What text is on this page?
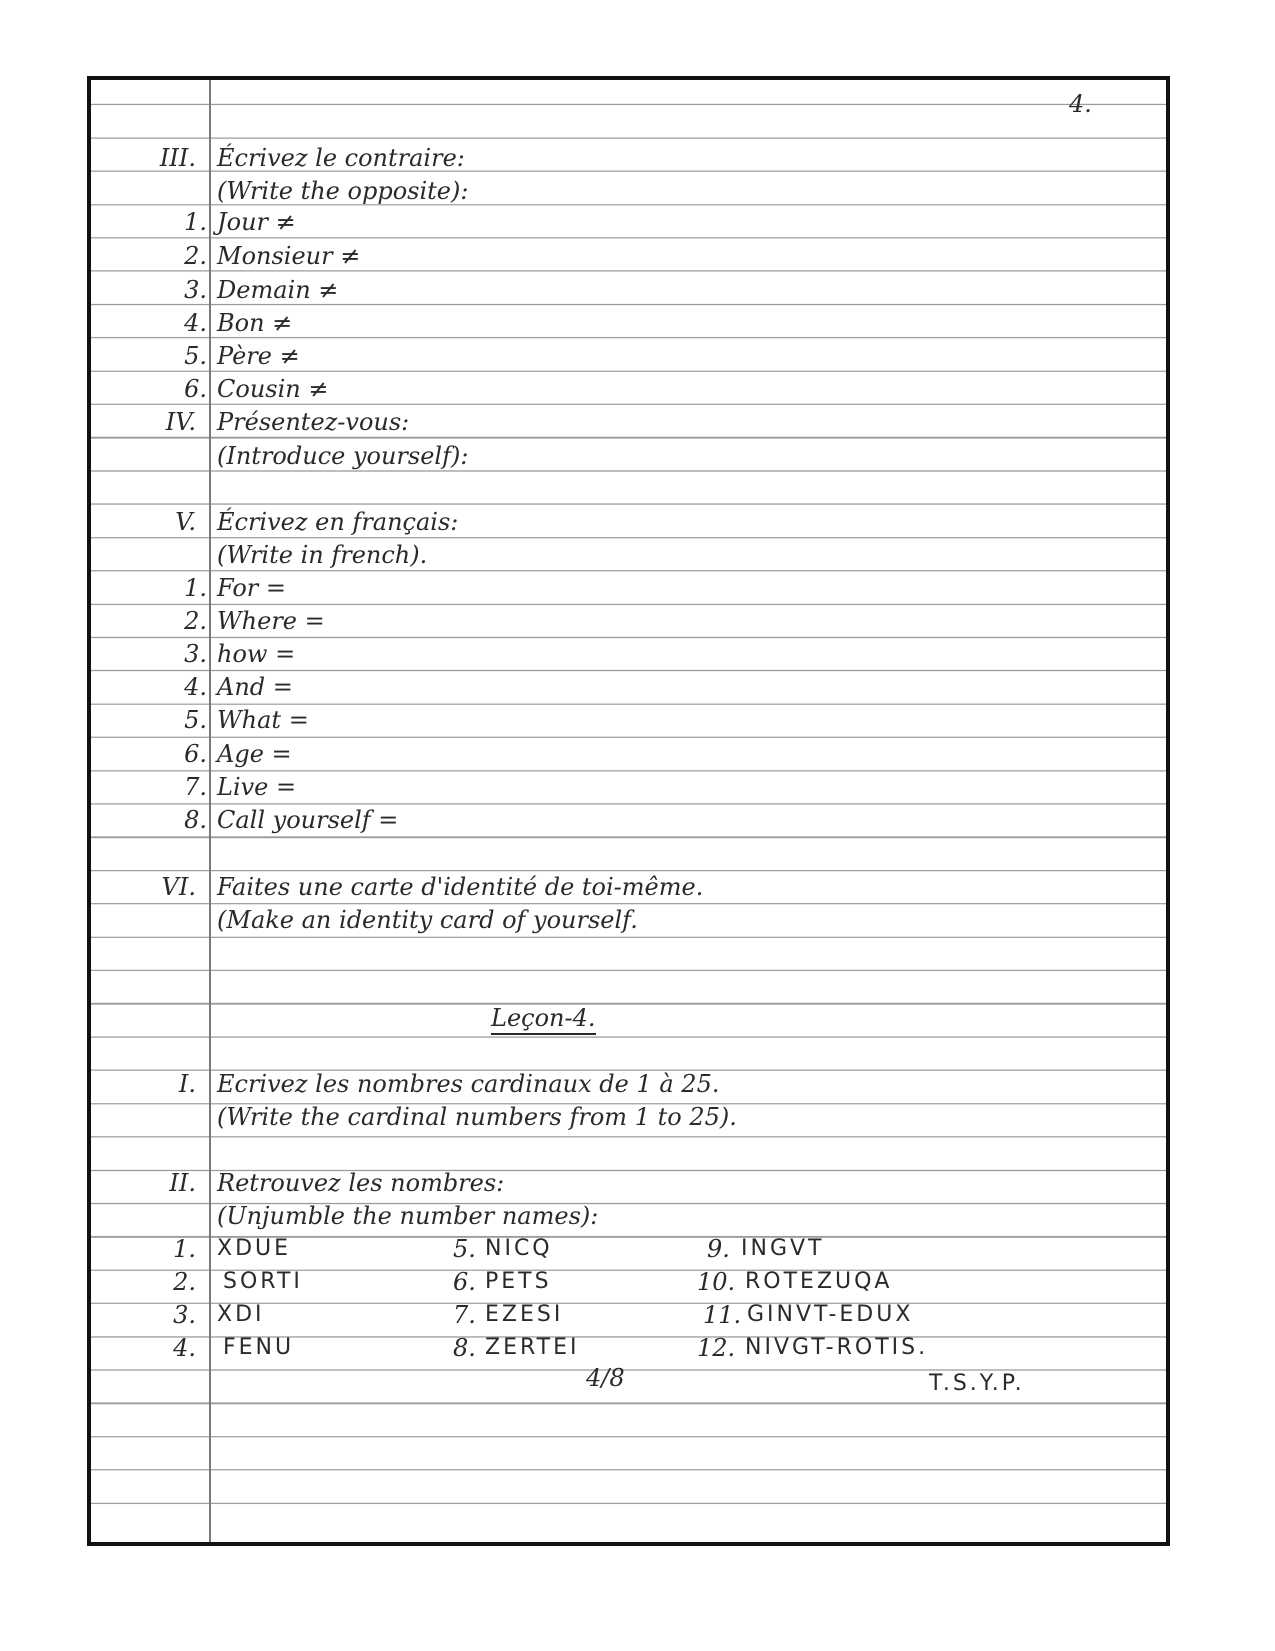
4.
III. Écrivez le contraire:
(Write the opposite):
1. Jour ≠
2. Monsieur ≠
3. Demain ≠
4. Bon ≠
5. Père ≠
6. Cousin ≠
IV. Présentez-vous:
(Introduce yourself):
V. Écrivez en français:
(Write in french).
1. For =
2. Where =
3. how =
4. And =
5. What =
6. Age =
7. Live =
8. Call yourself =
VI. Faites une carte d'identité de toi-même.
(Make an identity card of yourself.
Leçon-4.
I. Ecrivez les nombres cardinaux de 1 à 25.
(Write the cardinal numbers from 1 to 25).
II. Retrouvez les nombres:
(Unjumble the number names):
1. XDUE
2. SORTI
3. XDI
4. FENU
5. NICQ
6. PETS
7. EZESI
8. ZERTEI
9. INGVT
10. ROTEZUQA
11. GINVT-EDUX
12. NIVGT-ROTIS.
4/8	T.S.Y.P.
